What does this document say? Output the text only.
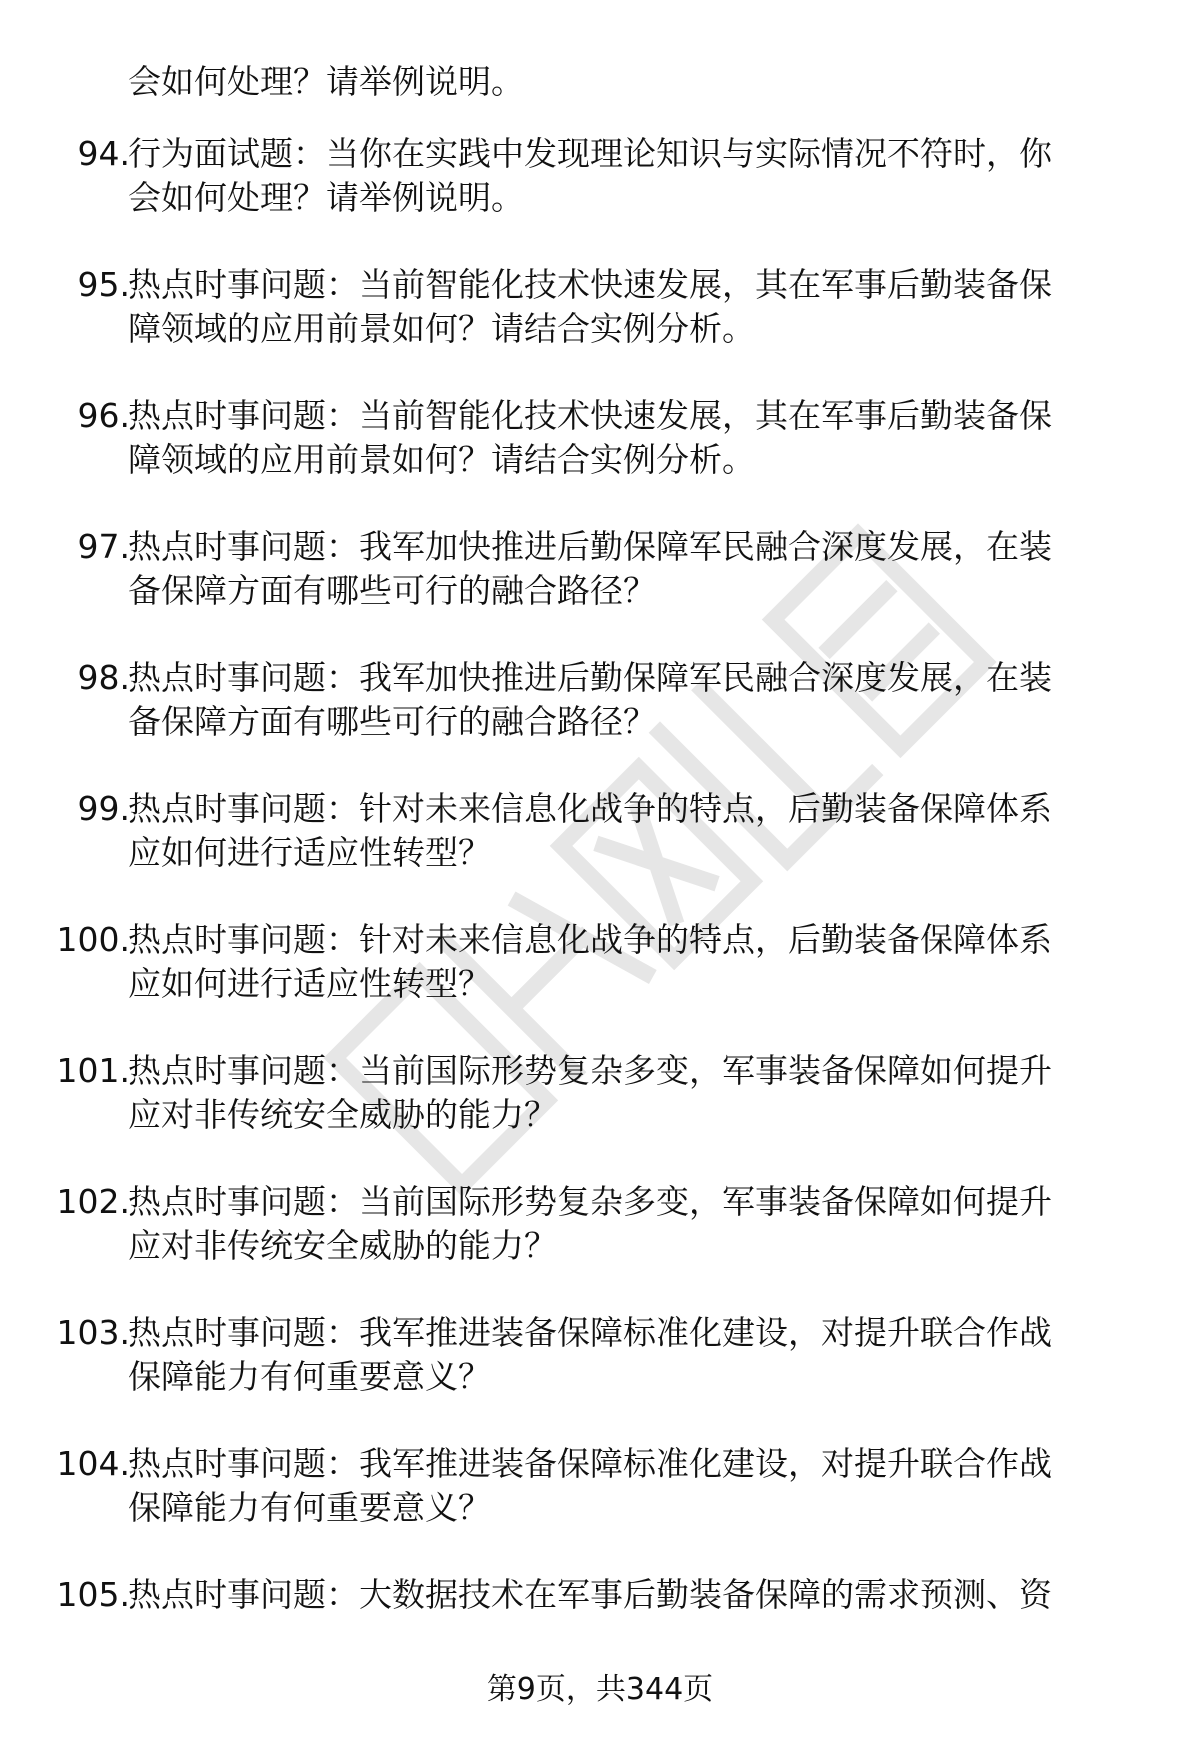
会如何处理？请举例说明。
94.
行为面试题：当你在实践中发现理论知识与实际情况不符时，你
会如何处理？请举例说明。
95.
热点时事问题：当前智能化技术快速发展，其在军事后勤装备保
障领域的应用前景如何？请结合实例分析。
96.
热点时事问题：当前智能化技术快速发展，其在军事后勤装备保
障领域的应用前景如何？请结合实例分析。
97.
热点时事问题：我军加快推进后勤保障军民融合深度发展，在装
备保障方面有哪些可行的融合路径？
98.
热点时事问题：我军加快推进后勤保障军民融合深度发展，在装
备保障方面有哪些可行的融合路径？
99.
热点时事问题：针对未来信息化战争的特点，后勤装备保障体系
应如何进行适应性转型？
100.
热点时事问题：针对未来信息化战争的特点，后勤装备保障体系
应如何进行适应性转型？
101.
热点时事问题：当前国际形势复杂多变，军事装备保障如何提升
应对非传统安全威胁的能力？
102.
热点时事问题：当前国际形势复杂多变，军事装备保障如何提升
应对非传统安全威胁的能力？
103.
热点时事问题：我军推进装备保障标准化建设，对提升联合作战
保障能力有何重要意义？
104.
热点时事问题：我军推进装备保障标准化建设，对提升联合作战
保障能力有何重要意义？
105.
热点时事问题：大数据技术在军事后勤装备保障的需求预测、资
第9页，共344页
